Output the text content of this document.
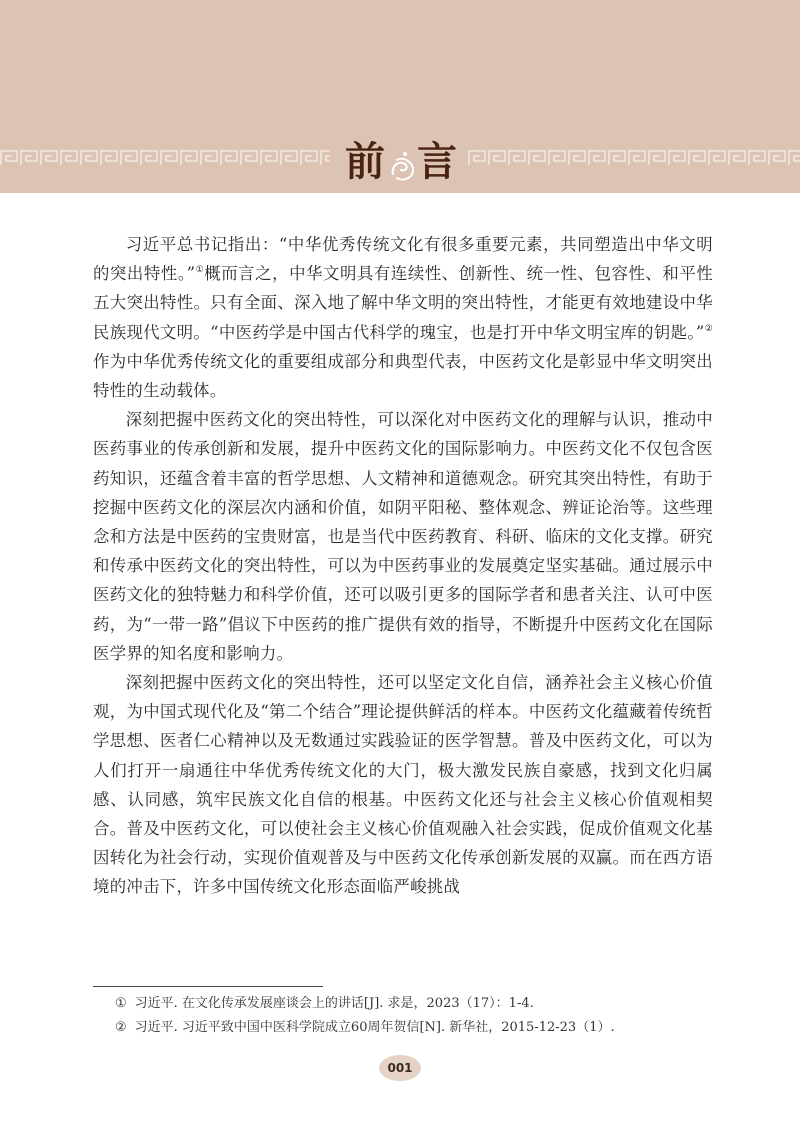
前 言

习近平总书记指出：“中华优秀传统文化有很多重要元素，共同塑造出中华文明的突出特性。”①概而言之，中华文明具有连续性、创新性、统一性、包容性、和平性五大突出特性。只有全面、深入地了解中华文明的突出特性，才能更有效地建设中华民族现代文明。“中医药学是中国古代科学的瑰宝，也是打开中华文明宝库的钥匙。”②作为中华优秀传统文化的重要组成部分和典型代表，中医药文化是彰显中华文明突出特性的生动载体。

深刻把握中医药文化的突出特性，可以深化对中医药文化的理解与认识，推动中医药事业的传承创新和发展，提升中医药文化的国际影响力。中医药文化不仅包含医药知识，还蕴含着丰富的哲学思想、人文精神和道德观念。研究其突出特性，有助于挖掘中医药文化的深层次内涵和价值，如阴平阳秘、整体观念、辨证论治等。这些理念和方法是中医药的宝贵财富，也是当代中医药教育、科研、临床的文化支撑。研究和传承中医药文化的突出特性，可以为中医药事业的发展奠定坚实基础。通过展示中医药文化的独特魅力和科学价值，还可以吸引更多的国际学者和患者关注、认可中医药，为“一带一路”倡议下中医药的推广提供有效的指导，不断提升中医药文化在国际医学界的知名度和影响力。

深刻把握中医药文化的突出特性，还可以坚定文化自信，涵养社会主义核心价值观，为中国式现代化及“第二个结合”理论提供鲜活的样本。中医药文化蕴藏着传统哲学思想、医者仁心精神以及无数通过实践验证的医学智慧。普及中医药文化，可以为人们打开一扇通往中华优秀传统文化的大门，极大激发民族自豪感，找到文化归属感、认同感，筑牢民族文化自信的根基。中医药文化还与社会主义核心价值观相契合。普及中医药文化，可以使社会主义核心价值观融入社会实践，促成价值观文化基因转化为社会行动，实现价值观普及与中医药文化传承创新发展的双赢。而在西方语境的冲击下，许多中国传统文化形态面临严峻挑战

① 习近平. 在文化传承发展座谈会上的讲话[J]. 求是，2023（17）：1-4.

② 习近平. 习近平致中国中医科学院成立60周年贺信[N]. 新华社，2015-12-23（1）.

001
